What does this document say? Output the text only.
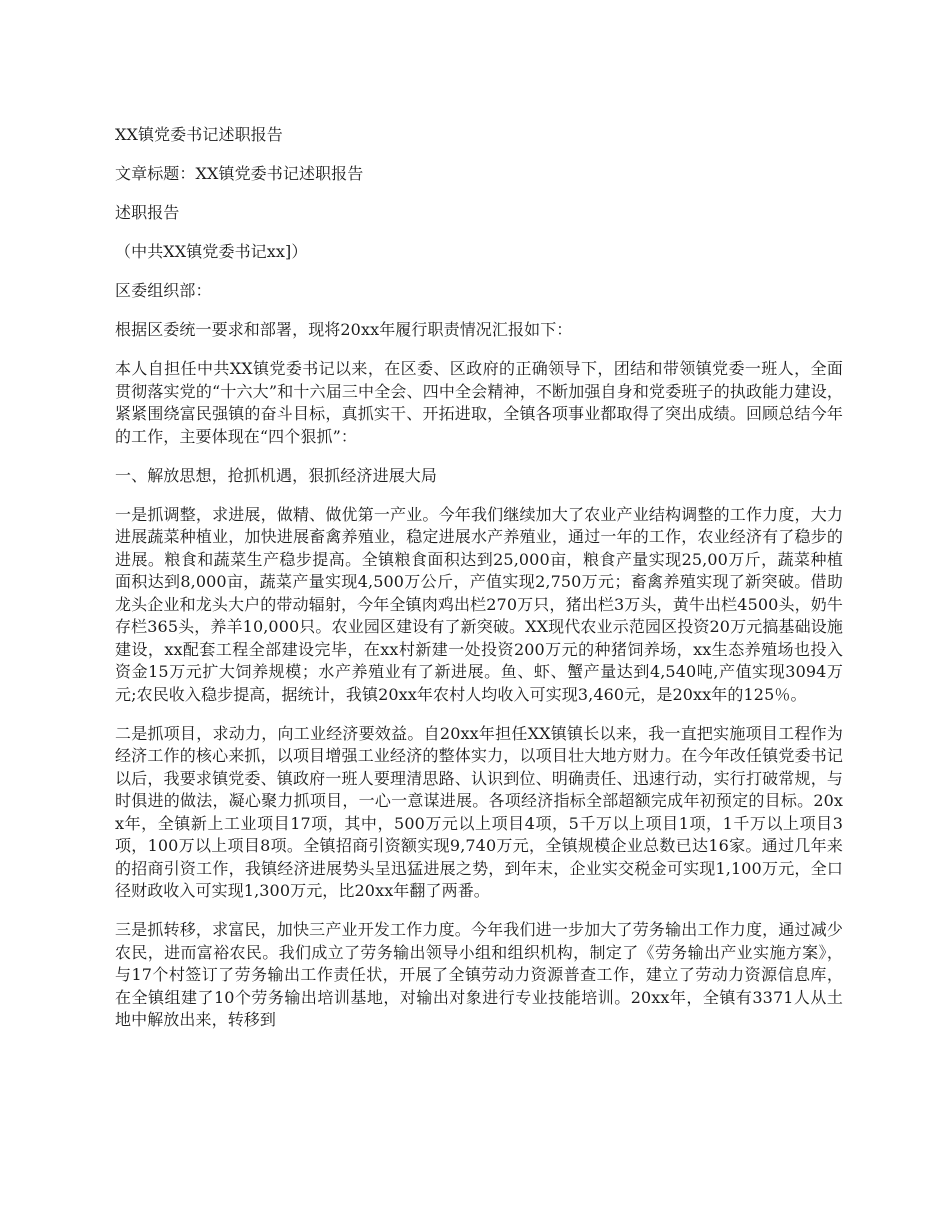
XX镇党委书记述职报告

文章标题：XX镇党委书记述职报告

述职报告

（中共XX镇党委书记xx]）

区委组织部：

根据区委统一要求和部署，现将20xx年履行职责情况汇报如下：

本人自担任中共XX镇党委书记以来，在区委、区政府的正确领导下，团结和带领镇党委一班人，全面贯彻落实党的“十六大”和十六届三中全会、四中全会精神，不断加强自身和党委班子的执政能力建设，紧紧围绕富民强镇的奋斗目标，真抓实干、开拓进取，全镇各项事业都取得了突出成绩。回顾总结今年的工作，主要体现在“四个狠抓”：

一、解放思想，抢抓机遇，狠抓经济进展大局

一是抓调整，求进展，做精、做优第一产业。今年我们继续加大了农业产业结构调整的工作力度，大力进展蔬菜种植业，加快进展畜禽养殖业，稳定进展水产养殖业，通过一年的工作，农业经济有了稳步的进展。粮食和蔬菜生产稳步提高。全镇粮食面积达到25,000亩，粮食产量实现25,00万斤，蔬菜种植面积达到8,000亩，蔬菜产量实现4,500万公斤，产值实现2,750万元；畜禽养殖实现了新突破。借助龙头企业和龙头大户的带动辐射，今年全镇肉鸡出栏270万只，猪出栏3万头，黄牛出栏4500头，奶牛存栏365头，养羊10,000只。农业园区建设有了新突破。XX现代农业示范园区投资20万元搞基础设施建设，xx配套工程全部建设完毕，在xx村新建一处投资200万元的种猪饲养场，xx生态养殖场也投入资金15万元扩大饲养规模；水产养殖业有了新进展。鱼、虾、蟹产量达到4,540吨,产值实现3094万元;农民收入稳步提高，据统计，我镇20xx年农村人均收入可实现3,460元，是20xx年的125％。

二是抓项目，求动力，向工业经济要效益。自20xx年担任XX镇镇长以来，我一直把实施项目工程作为经济工作的核心来抓，以项目增强工业经济的整体实力，以项目壮大地方财力。在今年改任镇党委书记以后，我要求镇党委、镇政府一班人要理清思路、认识到位、明确责任、迅速行动，实行打破常规，与时俱进的做法，凝心聚力抓项目，一心一意谋进展。各项经济指标全部超额完成年初预定的目标。20xx年，全镇新上工业项目17项，其中，500万元以上项目4项，5千万以上项目1项，1千万以上项目3项，100万以上项目8项。全镇招商引资额实现9,740万元，全镇规模企业总数已达16家。通过几年来的招商引资工作，我镇经济进展势头呈迅猛进展之势，到年末，企业实交税金可实现1,100万元，全口径财政收入可实现1,300万元，比20xx年翻了两番。

三是抓转移，求富民，加快三产业开发工作力度。今年我们进一步加大了劳务输出工作力度，通过减少农民，进而富裕农民。我们成立了劳务输出领导小组和组织机构，制定了《劳务输出产业实施方案》，与17个村签订了劳务输出工作责任状，开展了全镇劳动力资源普查工作，建立了劳动力资源信息库，在全镇组建了10个劳务输出培训基地，对输出对象进行专业技能培训。20xx年，全镇有3371人从土地中解放出来，转移到
